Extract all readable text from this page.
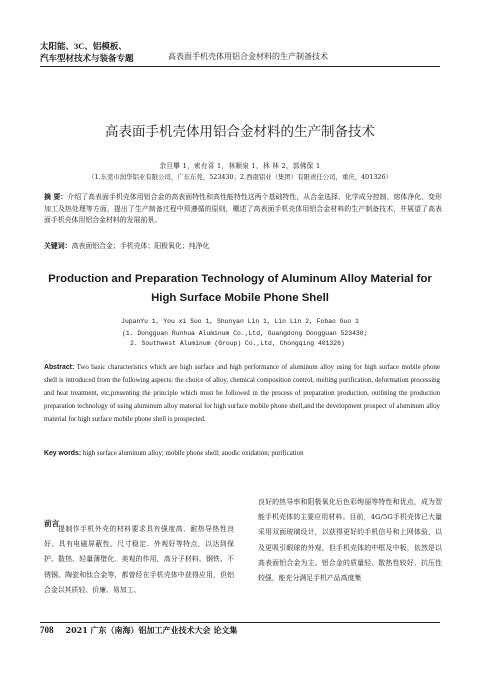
太阳能、3C、铝模板、
汽车型材技术与装备专题	高表面手机壳体用铝合金材料的生产制备技术
高表面手机壳体用铝合金材料的生产制备技术
余旦攀 1，索有喜 1，林顺泉 1，林 林 2，郭佛保 1
（1.东莞市润华铝业有限公司，广东东莞，523430；2.西南铝业（集团）有限责任公司，重庆，401326）
摘 要：介绍了高表面手机壳体用铝合金的高表面特性和高性能特性这两个基础特性，从合金选择、化学成分控制、熔体净化、变形加工及热处理等方面，提出了生产制备过程中须遵循的原则，概述了高表面手机壳体用铝合金材料的生产制备技术，并展望了高表面手机壳体用铝合金材料的发展前景。
关键词：高表面铝合金；手机壳体；阳极氧化；纯净化
Production and Preparation Technology of Aluminum Alloy Material for High Surface Mobile Phone Shell
JupanYu 1, You xi Suo 1, Shunyan Lin 1, Lin Lin 2, Fobao Guo 1
(1. Dongguan Runhua Aluminum Co.,Ltd, Guangdong Dongguan 523430;
2. Southwest Aluminum (Group) Co.,Ltd, Chongqing 401326)
Abstract: Two basic characteristics which are high surface and high performance of aluminum alloy using for high surface mobile phone shell is introduced from the following aspects: the choice of alloy, chemical composition control, melting purification, deformation processing and heat treatment, etc,presenting the principle which must be followed in the process of preparation production, outlining the production preparation technology of using aluminum alloy material for high surface mobile phone shell,and the development prospect of aluminum alloy material for high surface mobile phone shell is prospected.
Key words: high surface aluminum alloy; mobile phone shell; anodic oxidation; purification
前言
提制作手机外壳的材料要求具有强度高、耐热导热性良好、具有电磁屏蔽性、尺寸稳定、外观好等特点，以达到保护、散热、轻量薄壁化、美观的作用，高分子材料、钢铁、不锈钢、陶瓷和钛合金等，都曾经在手机壳体中获得应用，但铝合金以其质轻、价廉、易加工、
良好的热导率和阳极氧化后色彩绚丽等特性和优点，成为智能手机壳体的主要应用材料。目前，4G/5G手机壳体已大量采用双面玻璃设计，以获得更好的手机信号和上网体验，以及更吸引眼球的外观，但手机壳体的中框及中板，依然是以高表面铝合金为主。铝合金的质量轻、散热性较好、抗压性较强，能充分满足手机产品高度集
708 2021 广东（南海）铝加工产业技术大会 论文集
